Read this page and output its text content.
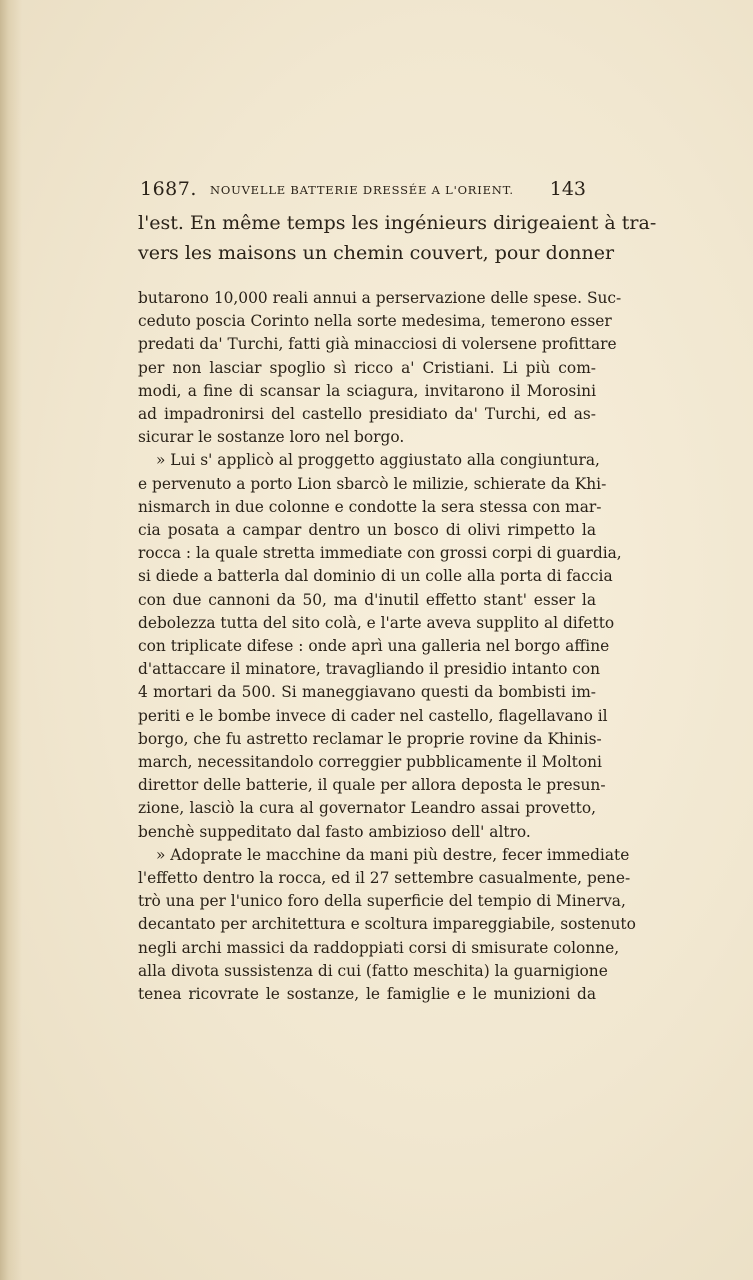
1687. NOUVELLE BATTERIE DRESSÉE A L'ORIENT. 143
l'est. En même temps les ingénieurs dirigeaient à tra-
vers les maisons un chemin couvert, pour donner
butarono 10,000 reali annui a perservazione delle spese. Suc-
ceduto poscia Corinto nella sorte medesima, temerono esser
predati da' Turchi, fatti già minacciosi di volersene profittare
per non lasciar spoglio sì ricco a' Cristiani. Li più com-
modi, a fine di scansar la sciagura, invitarono il Morosini
ad impadronirsi del castello presidiato da' Turchi, ed as-
sicurar le sostanze loro nel borgo.
» Lui s' applicò al proggetto aggiustato alla congiuntura,
e pervenuto a porto Lion sbarcò le milizie, schierate da Khi-
nismarch in due colonne e condotte la sera stessa con mar-
cia posata a campar dentro un bosco di olivi rimpetto la
rocca : la quale stretta immediate con grossi corpi di guardia,
si diede a batterla dal dominio di un colle alla porta di faccia
con due cannoni da 50, ma d'inutil effetto stant' esser la
debolezza tutta del sito colà, e l'arte aveva supplito al difetto
con triplicate difese : onde aprì una galleria nel borgo affine
d'attaccare il minatore, travagliando il presidio intanto con
4 mortari da 500. Si maneggiavano questi da bombisti im-
periti e le bombe invece di cader nel castello, flagellavano il
borgo, che fu astretto reclamar le proprie rovine da Khinis-
march, necessitandolo correggier pubblicamente il Moltoni
direttor delle batterie, il quale per allora deposta le presun-
zione, lasciò la cura al governator Leandro assai provetto,
benchè suppeditato dal fasto ambizioso dell' altro.
» Adoprate le macchine da mani più destre, fecer immediate
l'effetto dentro la rocca, ed il 27 settembre casualmente, pene-
trò una per l'unico foro della superficie del tempio di Minerva,
decantato per architettura e scoltura impareggiabile, sostenuto
negli archi massici da raddoppiati corsi di smisurate colonne,
alla divota sussistenza di cui (fatto meschita) la guarnigione
tenea ricovrate le sostanze, le famiglie e le munizioni da
